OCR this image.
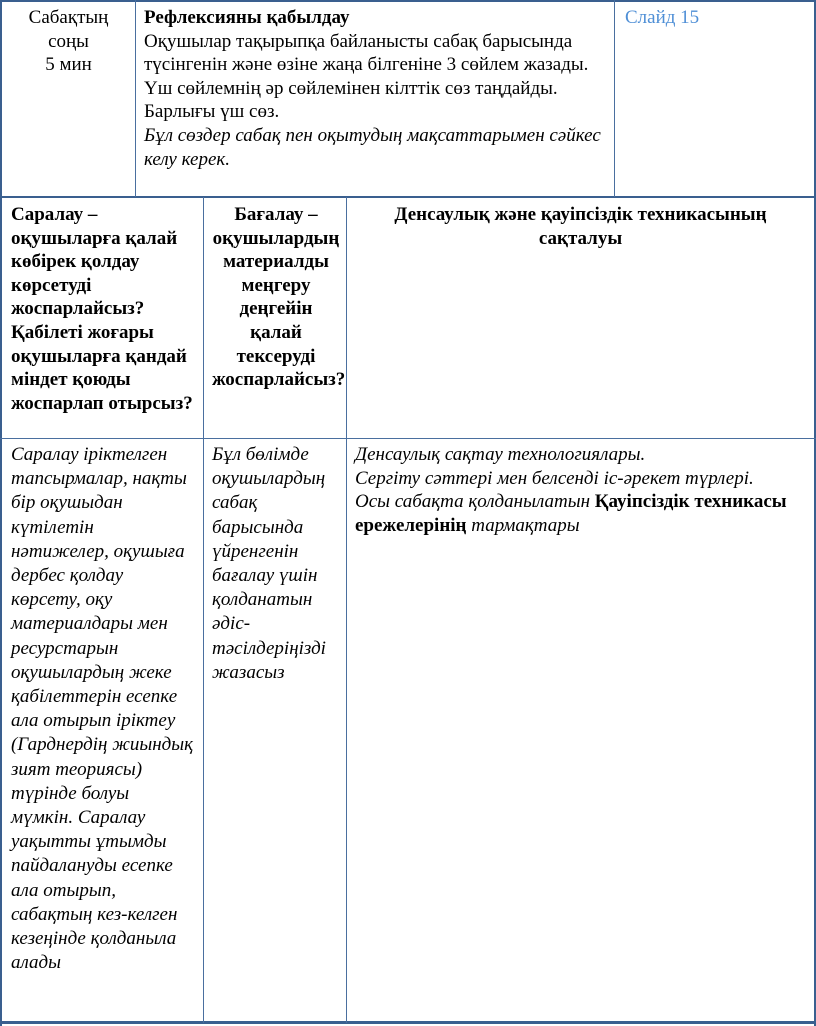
Сабақтың соңы
5 мин
Рефлексияны қабылдау
Оқушылар тақырыпқа байланысты сабақ барысында түсінгенін және өзіне жаңа білгеніне 3 сөйлем жазады.
Үш сөйлемнің әр сөйлемінен кілттік сөз таңдайды.
Барлығы үш сөз.
Бұл сөздер сабақ пен оқытудың мақсаттарымен сәйкес келу керек.
Слайд 15
Саралау – оқушыларға қалай көбірек қолдау көрсетуді жоспарлайсыз? Қабілеті жоғары оқушыларға қандай міндет қоюды жоспарлап отырсыз?
Бағалау – оқушылардың материалды меңгеру деңгейін қалай тексеруді жоспарлайсыз?
Денсаулық және қауіпсіздік техникасының сақталуы
Саралау іріктелген тапсырмалар, нақты бір оқушыдан күтілетін нәтижелер, оқушыға дербес қолдау көрсету, оқу материалдары мен ресурстарын оқушылардың жеке қабілеттерін есепке ала отырып іріктеу (Гарднердің жиындық зият теориясы) түрінде болуы мүмкін. Саралау уақытты ұтымды пайдалануды есепке ала отырып, сабақтың кез-келген кезеңінде қолданыла алады
Бұл бөлімде оқушылардың сабақ барысында үйренгенін бағалау үшін қолданатын әдіс-тәсілдеріңізді жазасыз
Денсаулық сақтау технологиялары.
Сергіту сәттері мен белсенді іс-әрекет түрлері.
Осы сабақта қолданылатын Қауіпсіздік техникасы ережелерінің тармақтары
